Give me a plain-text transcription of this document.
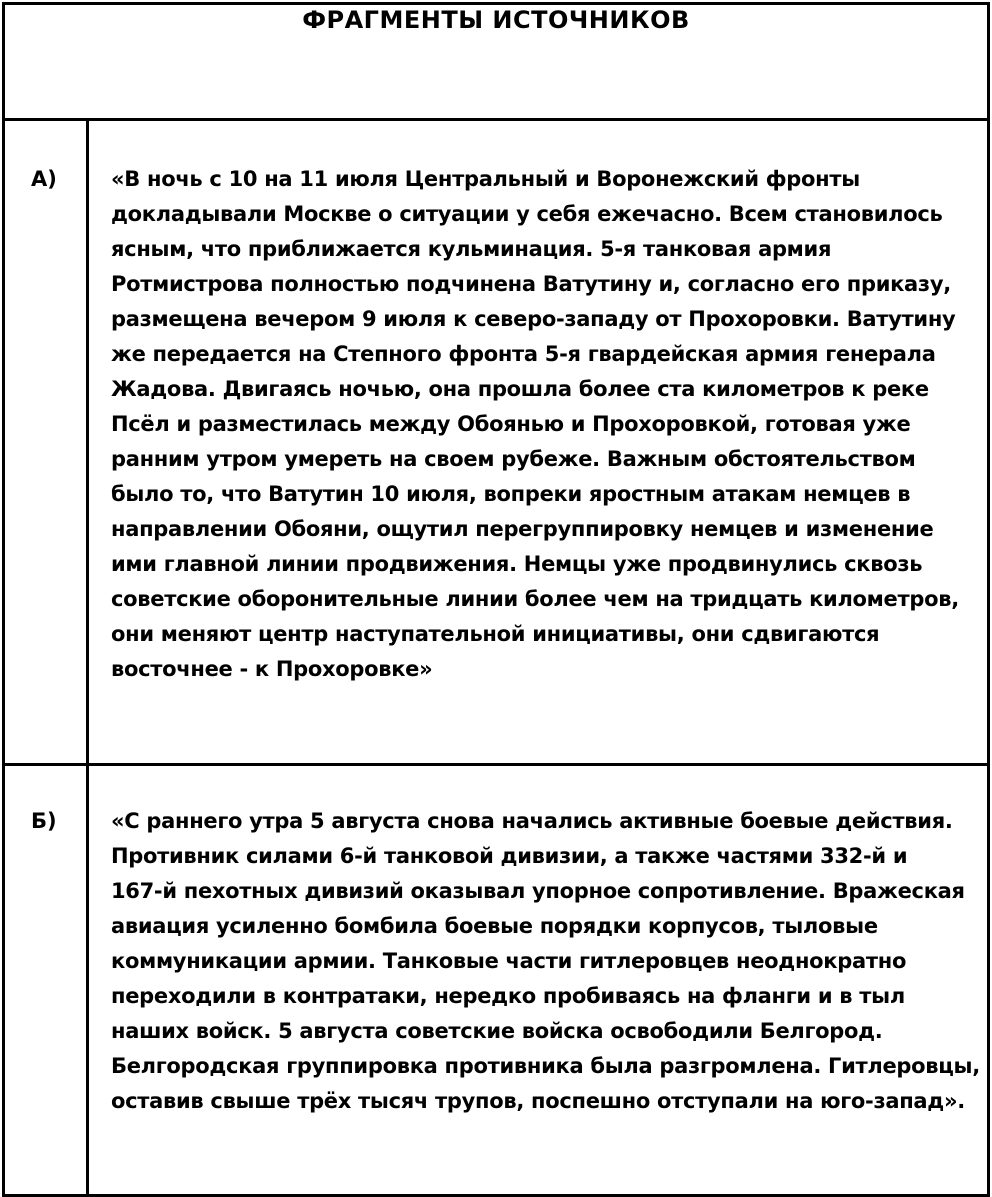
ФРАГМЕНТЫ ИСТОЧНИКОВ	
А)	«В ночь с 10 на 11 июля Центральный и Воронежский фронты
докладывали Москве о ситуации у себя ежечасно. Всем становилось
ясным, что приближается кульминация. 5-я танковая армия
Ротмистрова полностью подчинена Ватутину и, согласно его приказу,
размещена вечером 9 июля к северо-западу от Прохоровки. Ватутину
же передается на Степного фронта 5-я гвардейская армия генерала
Жадова. Двигаясь ночью, она прошла более ста километров к реке
Псёл и разместилась между Обоянью и Прохоровкой, готовая уже
ранним утром умереть на своем рубеже. Важным обстоятельством
было то, что Ватутин 10 июля, вопреки яростным атакам немцев в
направлении Обояни, ощутил перегруппировку немцев и изменение
ими главной линии продвижения. Немцы уже продвинулись сквозь
советские оборонительные линии более чем на тридцать километров,
они меняют центр наступательной инициативы, они сдвигаются
восточнее - к Прохоровке»

Б)	«С раннего утра 5 августа снова начались активные боевые действия.
Противник силами 6-й танковой дивизии, а также частями 332-й и
167-й пехотных дивизий оказывал упорное сопротивление. Вражеская
авиация усиленно бомбила боевые порядки корпусов, тыловые
коммуникации армии. Танковые части гитлеровцев неоднократно
переходили в контратаки, нередко пробиваясь на фланги и в тыл
наших войск. 5 августа советские войска освободили Белгород.
Белгородская группировка противника была разгромлена. Гитлеровцы,
оставив свыше трёх тысяч трупов, поспешно отступали на юго-запад».
